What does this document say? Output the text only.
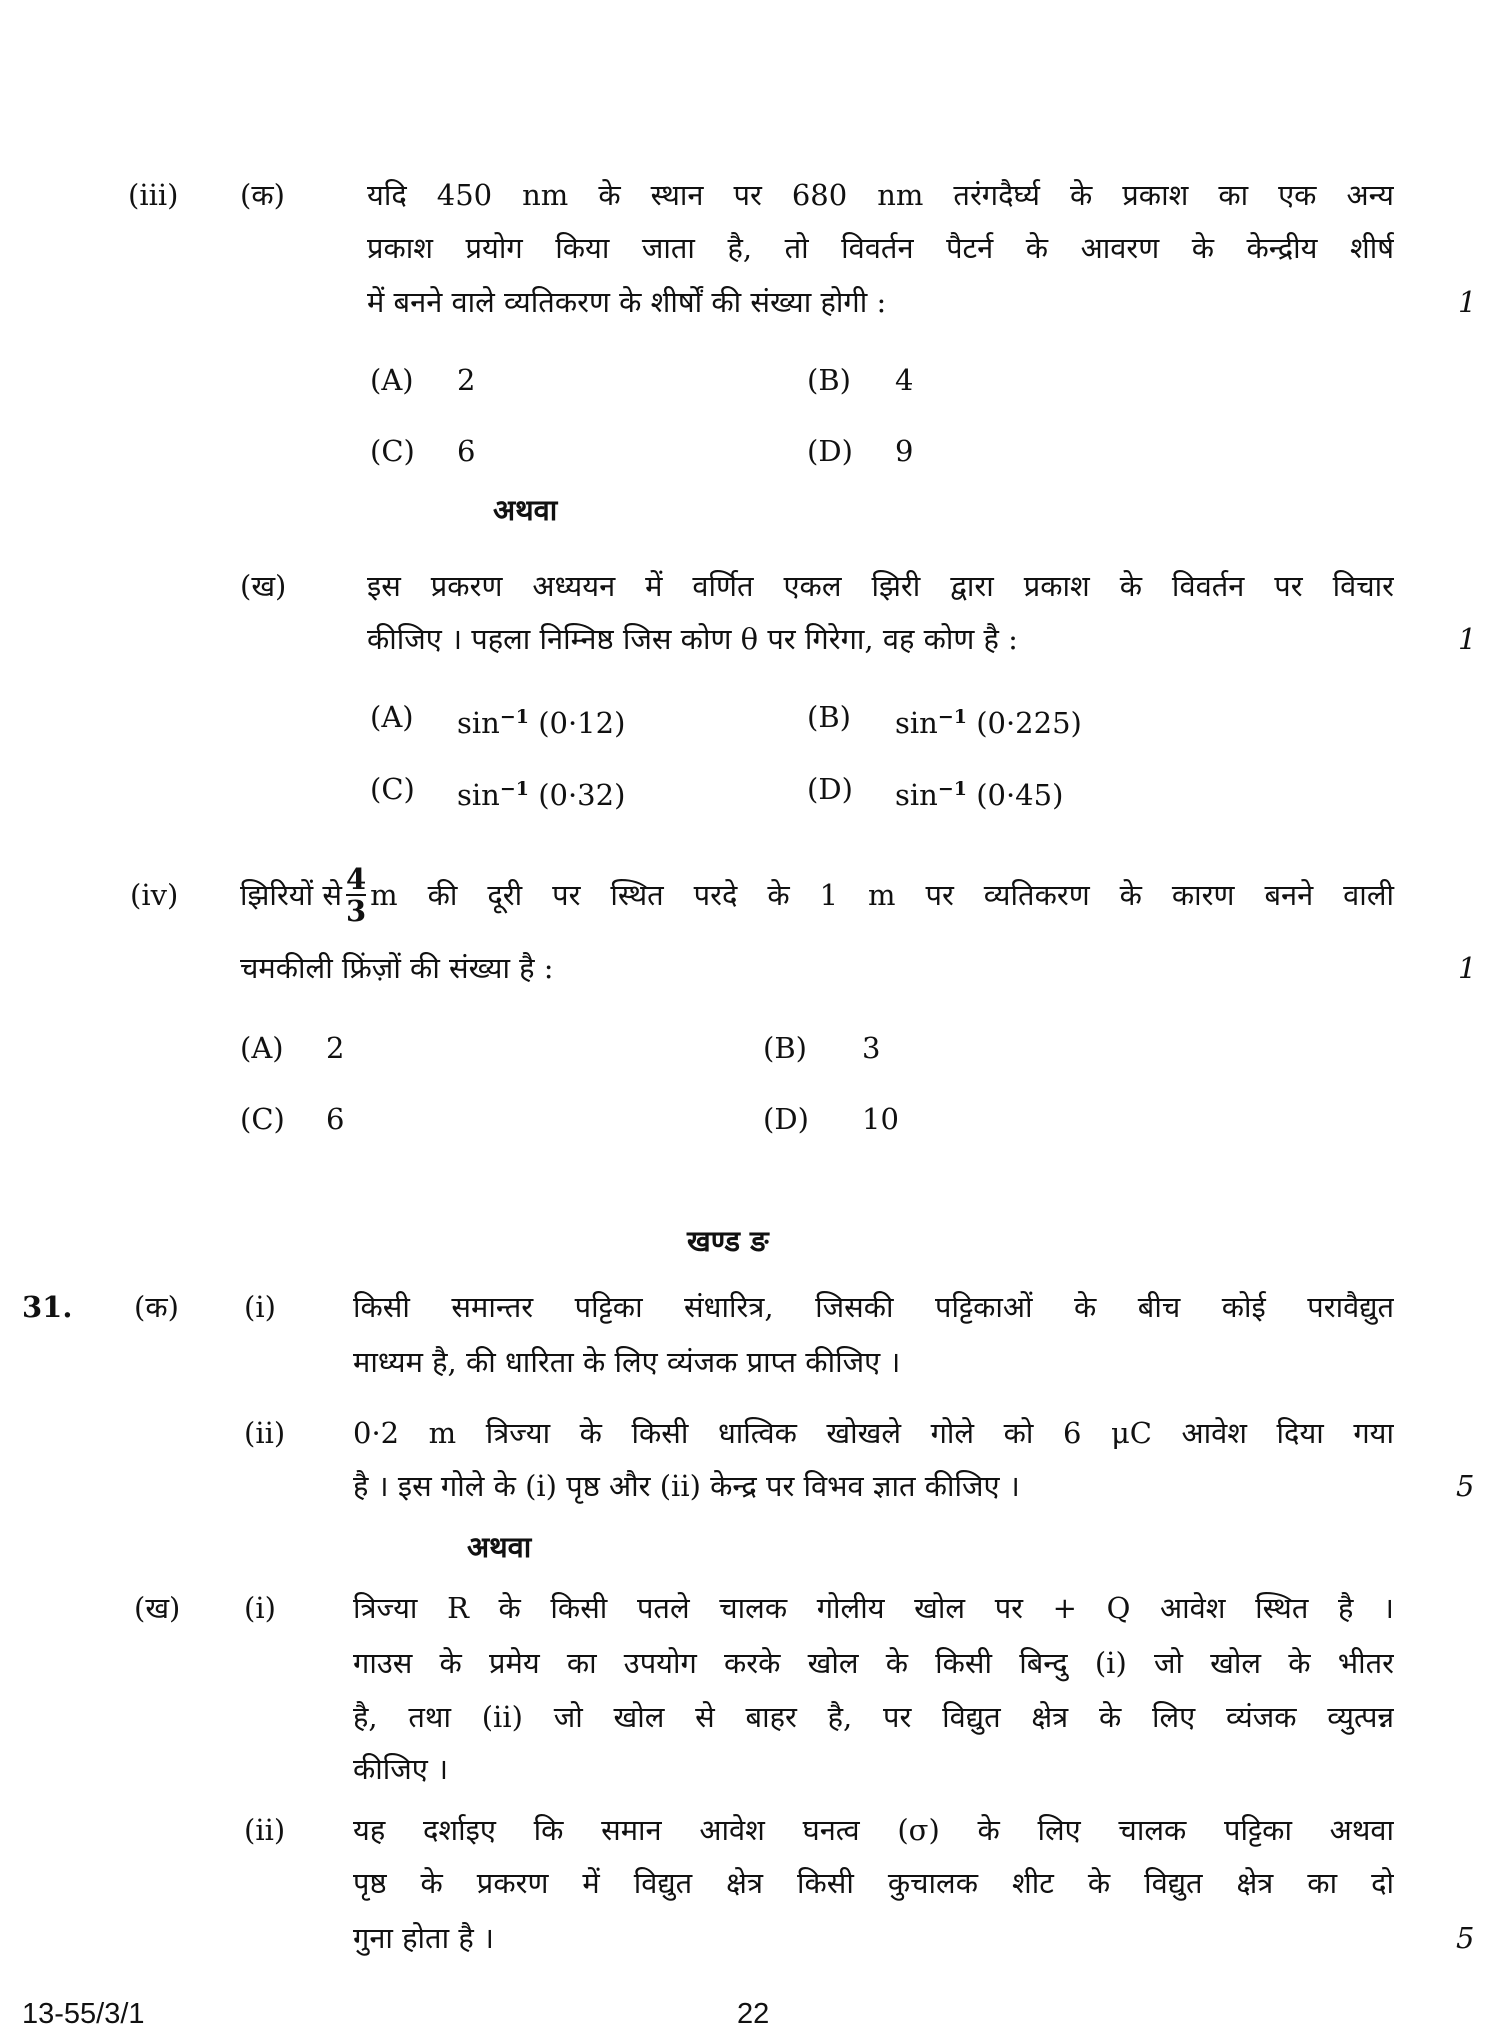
(iii) (क)	यदि 450 nm के स्थान पर 680 nm तरंगदैर्घ्य के प्रकाश का एक अन्य
प्रकाश प्रयोग किया जाता है, तो विवर्तन पैटर्न के आवरण के केन्द्रीय शीर्ष
में बनने वाले व्यतिकरण के शीर्षों की संख्या होगी :	1
(A) 2	(B) 4
(C) 6	(D) 9
अथवा
(ख)	इस प्रकरण अध्ययन में वर्णित एकल झिरी द्वारा प्रकाश के विवर्तन पर विचार
कीजिए । पहला निम्निष्ठ जिस कोण θ पर गिरेगा, वह कोण है :	1
(A) $\sin^{-1} (0\cdot 12)$	(B) $\sin^{-1} (0\cdot 225)$
(C) $\sin^{-1} (0\cdot 32)$	(D) $\sin^{-1} (0\cdot 45)$
(iv) झिरियों से $\frac{4}{3}$ m की दूरी पर स्थित परदे के 1 m पर व्यतिकरण के कारण बनने वाली
चमकीली फ्रिंज़ों की संख्या है :	1
(A) 2	(B) 3
(C) 6	(D) 10
खण्ड ङ
31. (क) (i)	किसी समान्तर पट्टिका संधारित्र, जिसकी पट्टिकाओं के बीच कोई परावैद्युत
माध्यम है, की धारिता के लिए व्यंजक प्राप्त कीजिए ।
(ii) 0·2 m त्रिज्या के किसी धात्विक खोखले गोले को 6 μC आवेश दिया गया
है । इस गोले के (i) पृष्ठ और (ii) केन्द्र पर विभव ज्ञात कीजिए ।	5
अथवा
(ख) (i)	त्रिज्या R के किसी पतले चालक गोलीय खोल पर + Q आवेश स्थित है ।
गाउस के प्रमेय का उपयोग करके खोल के किसी बिन्दु (i) जो खोल के भीतर
है, तथा (ii) जो खोल से बाहर है, पर विद्युत क्षेत्र के लिए व्यंजक व्युत्पन्न
कीजिए ।
(ii) यह दर्शाइए कि समान आवेश घनत्व (σ) के लिए चालक पट्टिका अथवा
पृष्ठ के प्रकरण में विद्युत क्षेत्र किसी कुचालक शीट के विद्युत क्षेत्र का दो
गुना होता है ।	5
13-55/3/1	22
